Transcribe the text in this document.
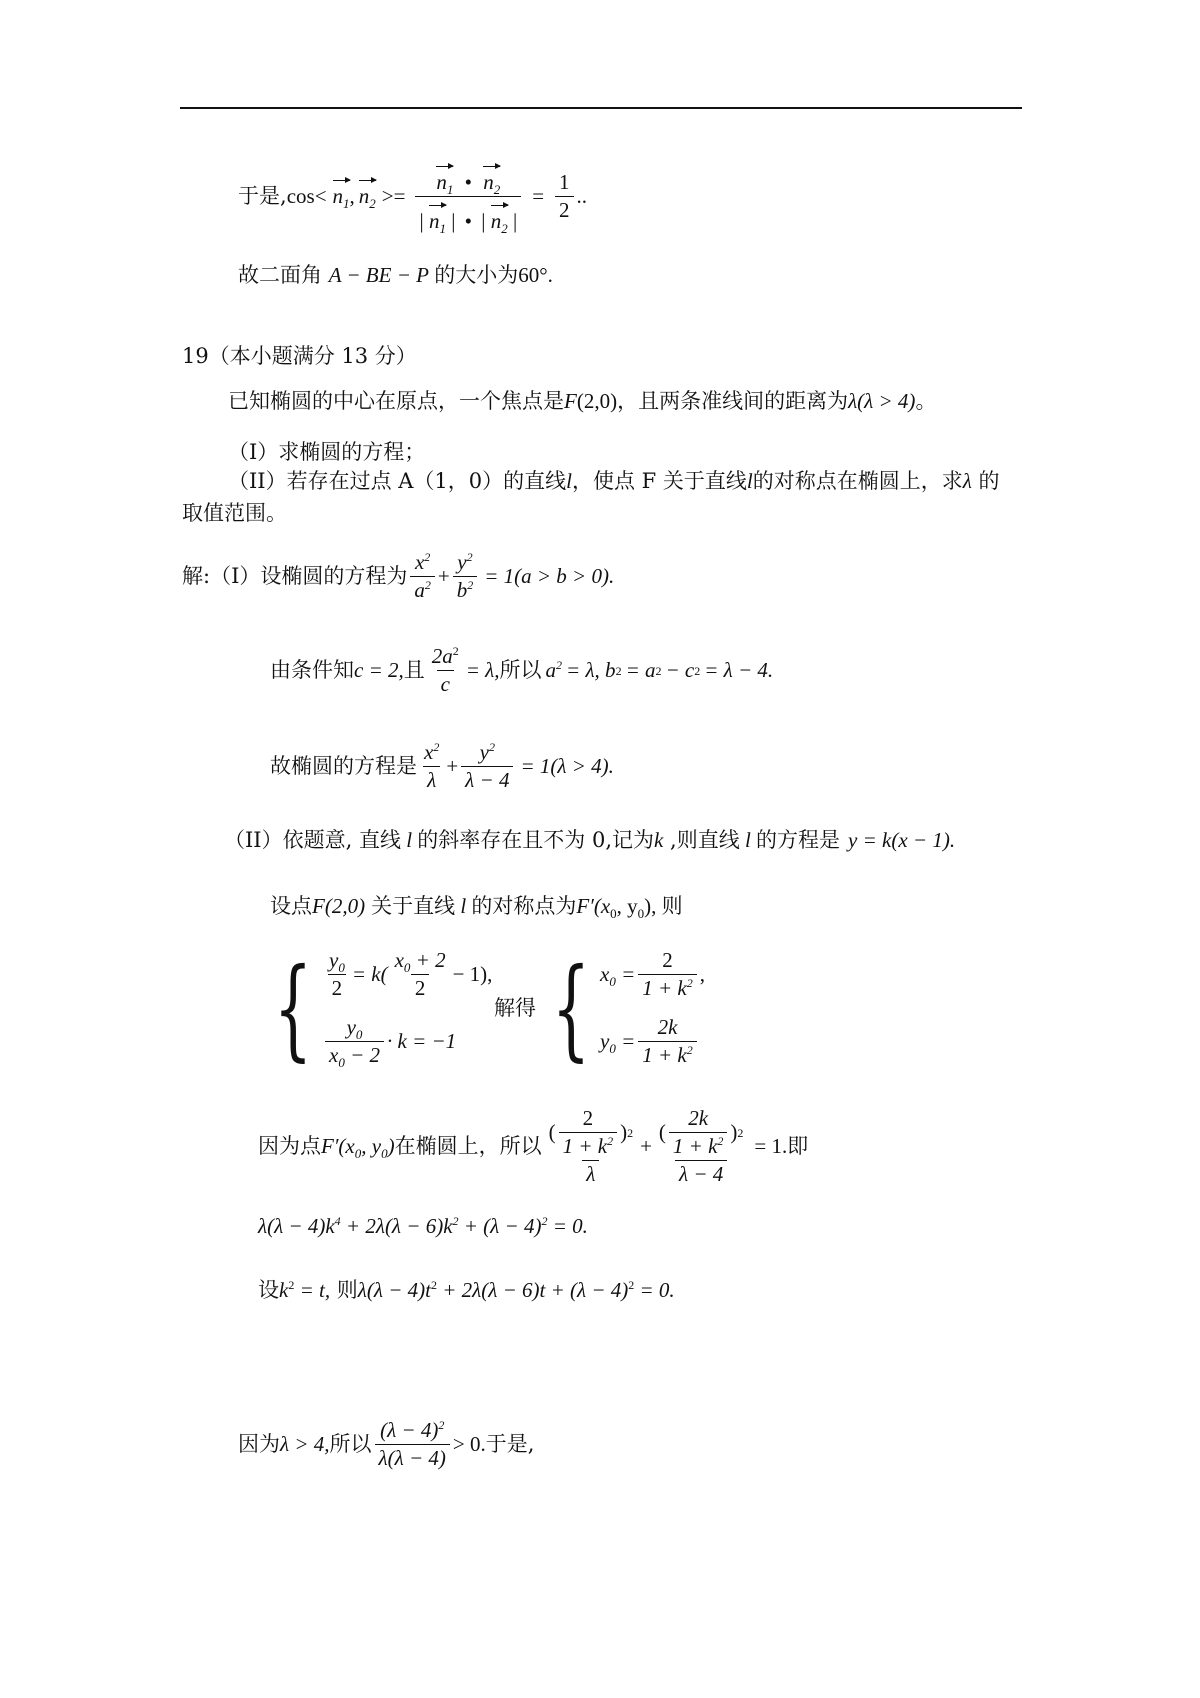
于是, $\cos < n_1$ , $n_2 >= \frac{n_1 • n_2}{| n_1 | • | n_2 |} = \frac{1}{2}$ ..
故二面角 A − BE − P 的大小为60°.
19（本小题满分 13 分）
已知椭圆的中心在原点，一个焦点是F(2,0)，且两条准线间的距离为λ(λ > 4)。
（I）求椭圆的方程；
（II）若存在过点 A（1，0）的直线l，使点 F 关于直线l的对称点在椭圆上，求λ 的
取值范围。
解:（I）设椭圆的方程为 $\frac{x^2}{a^2} + \frac{y^2}{b^2} = 1(a > b > 0)$.
由条件知 c = 2, 且 $\frac{2a^2}{c} = \lambda$, 所以 $a^2 = \lambda$, b 2 = a 2 − c 2 = λ − 4.
故椭圆的方程是 $\frac{x^2}{\lambda} + \frac{y^2}{\lambda - 4} = 1(\lambda > 4)$.
（II）依题意, 直线 l 的斜率存在且不为 0,记为k ,则直线 l 的方程是 y = k(x − 1).
设点F(2,0) 关于直线 l 的对称点为$F'(x_0$, $y_0$), 则
{ $\frac{y_0}{2} = k( \frac{x_0 + 2}{2} - 1)$,
$\frac{y_0}{x_0 - 2} \cdot k = -1$
解得 { $x_0 = \frac{2}{1 + k^2}$ ,
$y_0 = \frac{2k}{1 + k^2}$
因为点 $F'(x_0$, $y_0$) 在椭圆上，所以 $\frac{( \frac{2}{1 + k^2} ) 2}{\lambda} + \frac{( \frac{2k}{1 + k^2} ) 2}{\lambda - 4} = 1$.即
$\lambda(\lambda - 4)k^4 + 2\lambda(\lambda - 6)k^2 + (\lambda - 4)^2 = 0$.
设$k^2 = t$, 则$\lambda(\lambda - 4)t^2 + 2\lambda(\lambda - 6)t + (\lambda - 4)^2 = 0$.
因为 λ > 4, 所以 $\frac{(\lambda - 4)^2}{\lambda(\lambda - 4)} > 0$. 于是,
